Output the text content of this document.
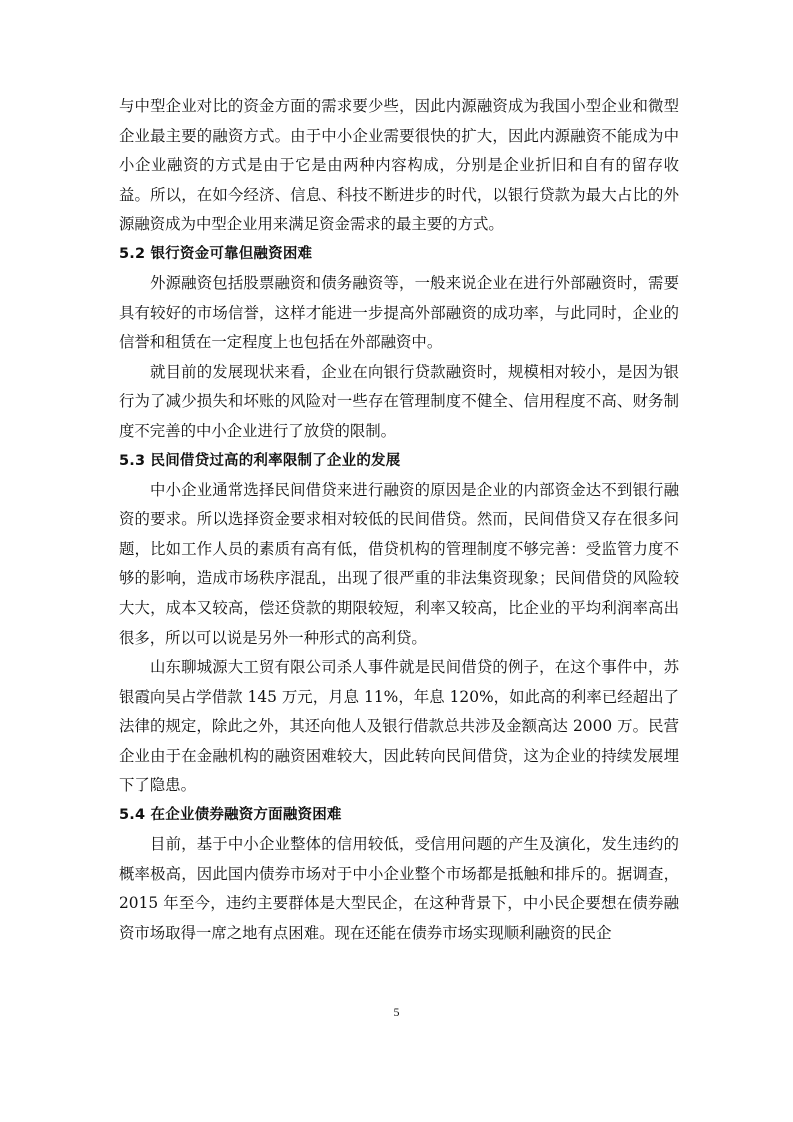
与中型企业对比的资金方面的需求要少些，因此内源融资成为我国小型企业和微型企业最主要的融资方式。由于中小企业需要很快的扩大，因此内源融资不能成为中小企业融资的方式是由于它是由两种内容构成，分别是企业折旧和自有的留存收益。所以，在如今经济、信息、科技不断进步的时代，以银行贷款为最大占比的外源融资成为中型企业用来满足资金需求的最主要的方式。

5.2 银行资金可靠但融资困难

外源融资包括股票融资和债务融资等，一般来说企业在进行外部融资时，需要具有较好的市场信誉，这样才能进一步提高外部融资的成功率，与此同时，企业的信誉和租赁在一定程度上也包括在外部融资中。

就目前的发展现状来看，企业在向银行贷款融资时，规模相对较小，是因为银行为了减少损失和坏账的风险对一些存在管理制度不健全、信用程度不高、财务制度不完善的中小企业进行了放贷的限制。

5.3 民间借贷过高的利率限制了企业的发展

中小企业通常选择民间借贷来进行融资的原因是企业的内部资金达不到银行融资的要求。所以选择资金要求相对较低的民间借贷。然而，民间借贷又存在很多问题，比如工作人员的素质有高有低，借贷机构的管理制度不够完善：受监管力度不够的影响，造成市场秩序混乱，出现了很严重的非法集资现象；民间借贷的风险较大大，成本又较高，偿还贷款的期限较短，利率又较高，比企业的平均利润率高出很多，所以可以说是另外一种形式的高利贷。

山东聊城源大工贸有限公司杀人事件就是民间借贷的例子，在这个事件中，苏银霞向吴占学借款 145 万元，月息 11%，年息 120%，如此高的利率已经超出了法律的规定，除此之外，其还向他人及银行借款总共涉及金额高达 2000 万。民营企业由于在金融机构的融资困难较大，因此转向民间借贷，这为企业的持续发展埋下了隐患。

5.4 在企业债券融资方面融资困难

目前，基于中小企业整体的信用较低，受信用问题的产生及演化，发生违约的概率极高，因此国内债券市场对于中小企业整个市场都是抵触和排斥的。据调查，2015 年至今，违约主要群体是大型民企，在这种背景下，中小民企要想在债券融资市场取得一席之地有点困难。现在还能在债券市场实现顺利融资的民企

5
